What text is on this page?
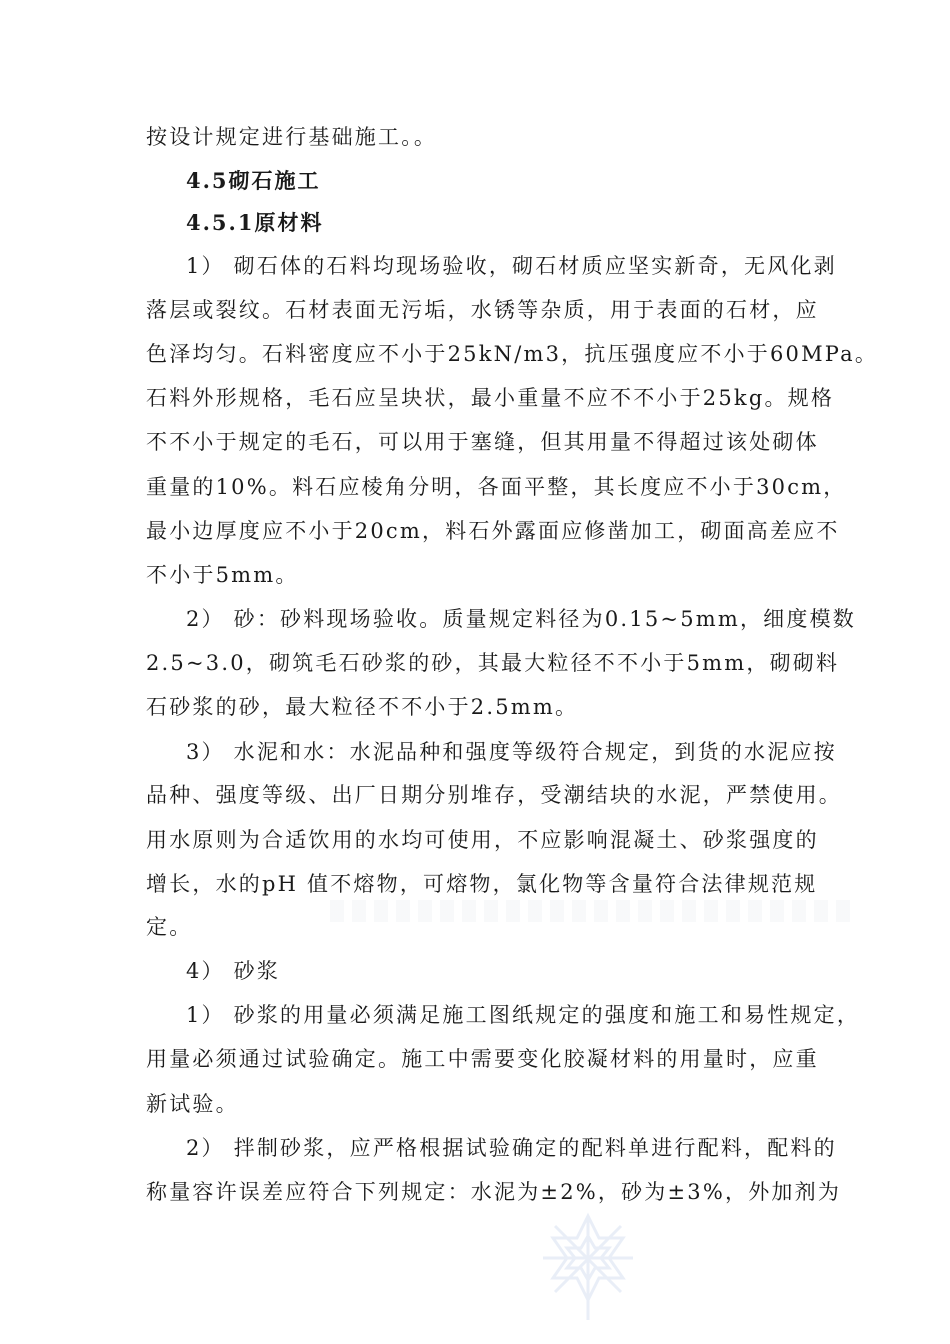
按设计规定进行基础施工。。
4.5砌石施工
4.5.1原材料
1） 砌石体的石料均现场验收，砌石材质应坚实新奇，无风化剥
落层或裂纹。石材表面无污垢，水锈等杂质，用于表面的石材，应
色泽均匀。石料密度应不小于25kN/m3，抗压强度应不小于60MPa。
石料外形规格，毛石应呈块状，最小重量不应不不小于25kg。规格
不不小于规定的毛石，可以用于塞缝，但其用量不得超过该处砌体
重量的10%。料石应棱角分明，各面平整，其长度应不小于30cm，
最小边厚度应不小于20cm，料石外露面应修凿加工，砌面高差应不
不小于5mm。
2） 砂：砂料现场验收。质量规定料径为0.15~5mm，细度模数
2.5~3.0，砌筑毛石砂浆的砂，其最大粒径不不小于5mm，砌砌料
石砂浆的砂，最大粒径不不小于2.5mm。
3） 水泥和水：水泥品种和强度等级符合规定，到货的水泥应按
品种、强度等级、出厂日期分别堆存，受潮结块的水泥，严禁使用。
用水原则为合适饮用的水均可使用，不应影响混凝土、砂浆强度的
增长，水的pH 值不熔物，可熔物，氯化物等含量符合法律规范规
定。
4） 砂浆
1） 砂浆的用量必须满足施工图纸规定的强度和施工和易性规定，
用量必须通过试验确定。施工中需要变化胶凝材料的用量时，应重
新试验。
2） 拌制砂浆，应严格根据试验确定的配料单进行配料，配料的
称量容许误差应符合下列规定：水泥为±2%，砂为±3%，外加剂为
